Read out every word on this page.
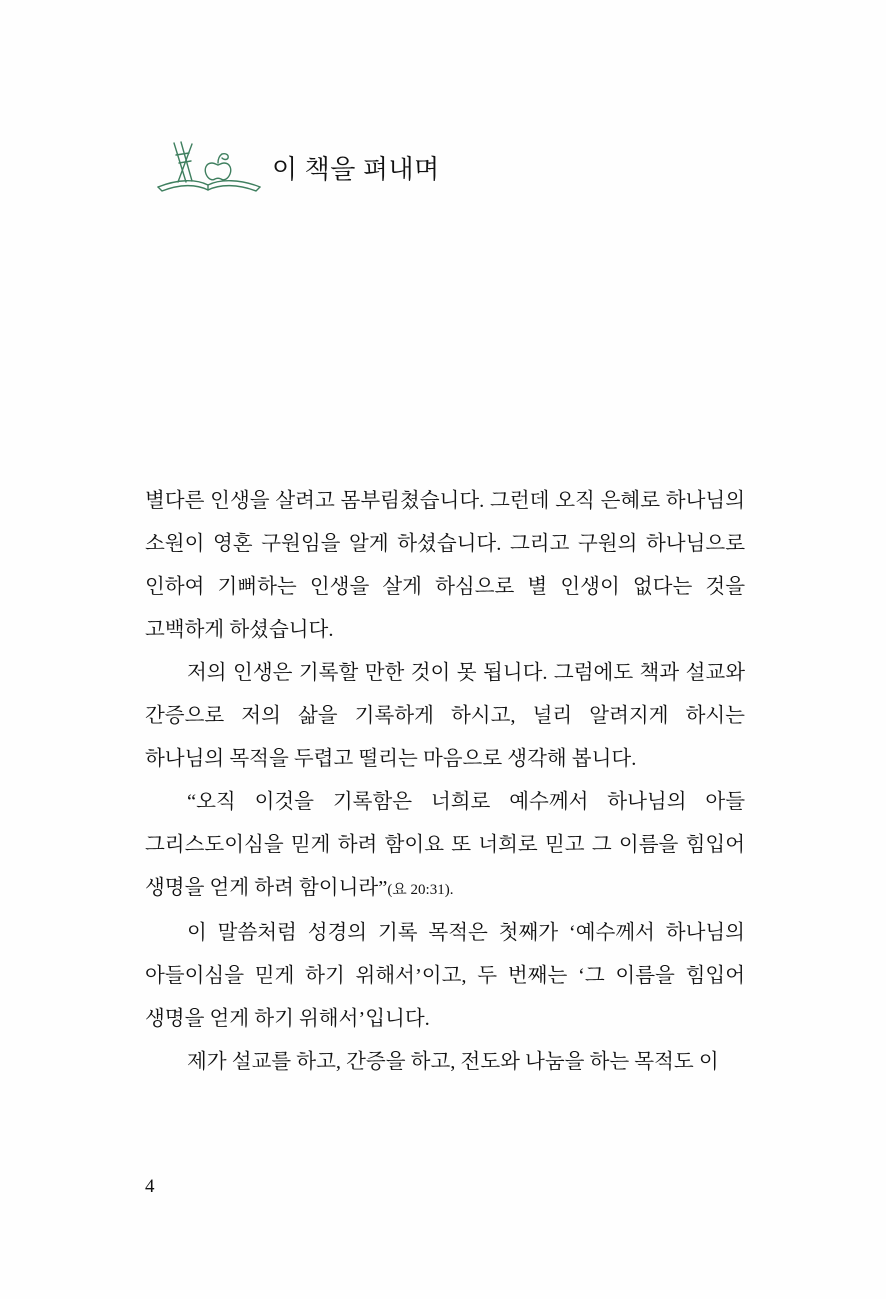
이 책을 펴내며

별다른 인생을 살려고 몸부림쳤습니다. 그런데 오직 은혜로 하나님의 소원이 영혼 구원임을 알게 하셨습니다. 그리고 구원의 하나님으로 인하여 기뻐하는 인생을 살게 하심으로 별 인생이 없다는 것을 고백하게 하셨습니다.

저의 인생은 기록할 만한 것이 못 됩니다. 그럼에도 책과 설교와 간증으로 저의 삶을 기록하게 하시고, 널리 알려지게 하시는 하나님의 목적을 두렵고 떨리는 마음으로 생각해 봅니다.

“오직 이것을 기록함은 너희로 예수께서 하나님의 아들 그리스도이심을 믿게 하려 함이요 또 너희로 믿고 그 이름을 힘입어 생명을 얻게 하려 함이니라”(요 20:31).

이 말씀처럼 성경의 기록 목적은 첫째가 ‘예수께서 하나님의 아들이심을 믿게 하기 위해서’이고, 두 번째는 ‘그 이름을 힘입어 생명을 얻게 하기 위해서’입니다.

제가 설교를 하고, 간증을 하고, 전도와 나눔을 하는 목적도 이

4
